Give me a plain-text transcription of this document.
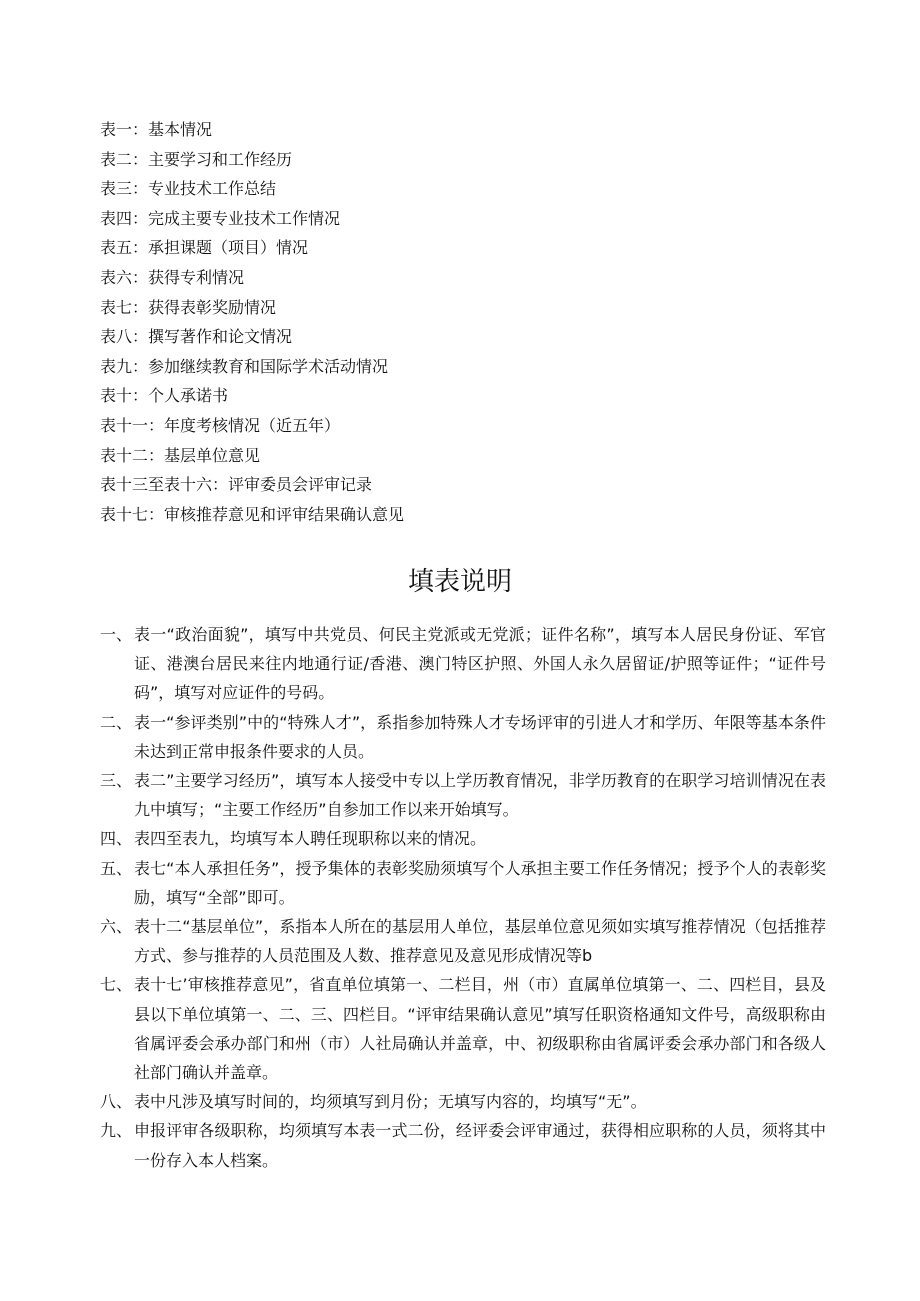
表一：基本情况
表二：主要学习和工作经历
表三：专业技术工作总结
表四：完成主要专业技术工作情况
表五：承担课题（项目）情况
表六：获得专利情况
表七：获得表彰奖励情况
表八：撰写著作和论文情况
表九：参加继续教育和国际学术活动情况
表十：个人承诺书
表十一：年度考核情况（近五年）
表十二：基层单位意见
表十三至表十六：评审委员会评审记录
表十七：审核推荐意见和评审结果确认意见
填表说明
一、 表一“政治面貌”，填写中共党员、何民主党派或无党派；证件名称”，填写本人居民身份证、军官证、港澳台居民来往内地通行证/香港、澳门特区护照、外国人永久居留证/护照等证件；“证件号码”，填写对应证件的号码。
二、 表一“参评类别”中的“特殊人才”，系指参加特殊人才专场评审的引进人才和学历、年限等基本条件未达到正常申报条件要求的人员。
三、 表二”主要学习经历”，填写本人接受中专以上学历教育情况，非学历教育的在职学习培训情况在表九中填写；“主要工作经历”自参加工作以来开始填写。
四、 表四至表九，均填写本人聘任现职称以来的情况。
五、 表七“本人承担任务”，授予集体的表彰奖励须填写个人承担主要工作任务情况；授予个人的表彰奖励，填写“全部”即可。
六、 表十二“基层单位”，系指本人所在的基层用人单位，基层单位意见须如实填写推荐情况（包括推荐方式、参与推荐的人员范围及人数、推荐意见及意见形成情况等b
七、 表十七’审核推荐意见”，省直单位填第一、二栏目，州（市）直属单位填第一、二、四栏目，县及县以下单位填第一、二、三、四栏目。“评审结果确认意见”填写任职资格通知文件号，高级职称由省属评委会承办部门和州（市）人社局确认并盖章，中、初级职称由省属评委会承办部门和各级人社部门确认并盖章。
八、 表中凡涉及填写时间的，均须填写到月份；无填写内容的，均填写“无”。
九、 申报评审各级职称，均须填写本表一式二份，经评委会评审通过，获得相应职称的人员，须将其中一份存入本人档案。
